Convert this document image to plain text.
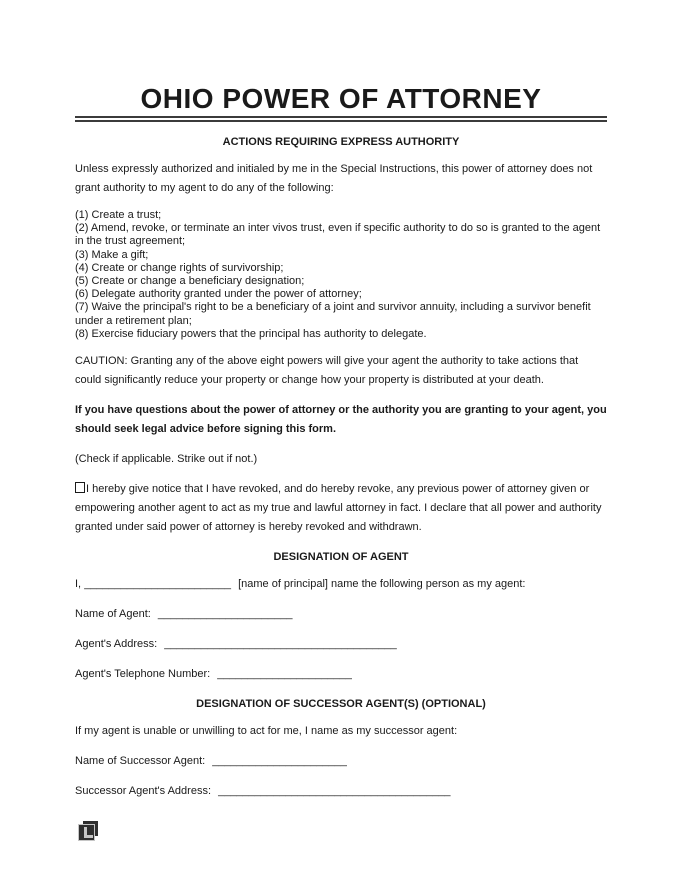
OHIO POWER OF ATTORNEY
ACTIONS REQUIRING EXPRESS AUTHORITY

Unless expressly authorized and initialed by me in the Special Instructions, this power of attorney does not grant authority to my agent to do any of the following:

(1) Create a trust;
(2) Amend, revoke, or terminate an inter vivos trust, even if specific authority to do so is granted to the agent in the trust agreement;
(3) Make a gift;
(4) Create or change rights of survivorship;
(5) Create or change a beneficiary designation;
(6) Delegate authority granted under the power of attorney;
(7) Waive the principal's right to be a beneficiary of a joint and survivor annuity, including a survivor benefit under a retirement plan;
(8) Exercise fiduciary powers that the principal has authority to delegate.

CAUTION: Granting any of the above eight powers will give your agent the authority to take actions that could significantly reduce your property or change how your property is distributed at your death.

If you have questions about the power of attorney or the authority you are granting to your agent, you should seek legal advice before signing this form.

(Check if applicable. Strike out if not.)

I hereby give notice that I have revoked, and do hereby revoke, any previous power of attorney given or empowering another agent to act as my true and lawful attorney in fact. I declare that all power and authority granted under said power of attorney is hereby revoked and withdrawn.

DESIGNATION OF AGENT

I, ________________________ [name of principal] name the following person as my agent:

Name of Agent: ______________________

Agent's Address: ______________________________________

Agent's Telephone Number: ______________________

DESIGNATION OF SUCCESSOR AGENT(S) (OPTIONAL)

If my agent is unable or unwilling to act for me, I name as my successor agent:

Name of Successor Agent: ______________________

Successor Agent's Address: ______________________________________
